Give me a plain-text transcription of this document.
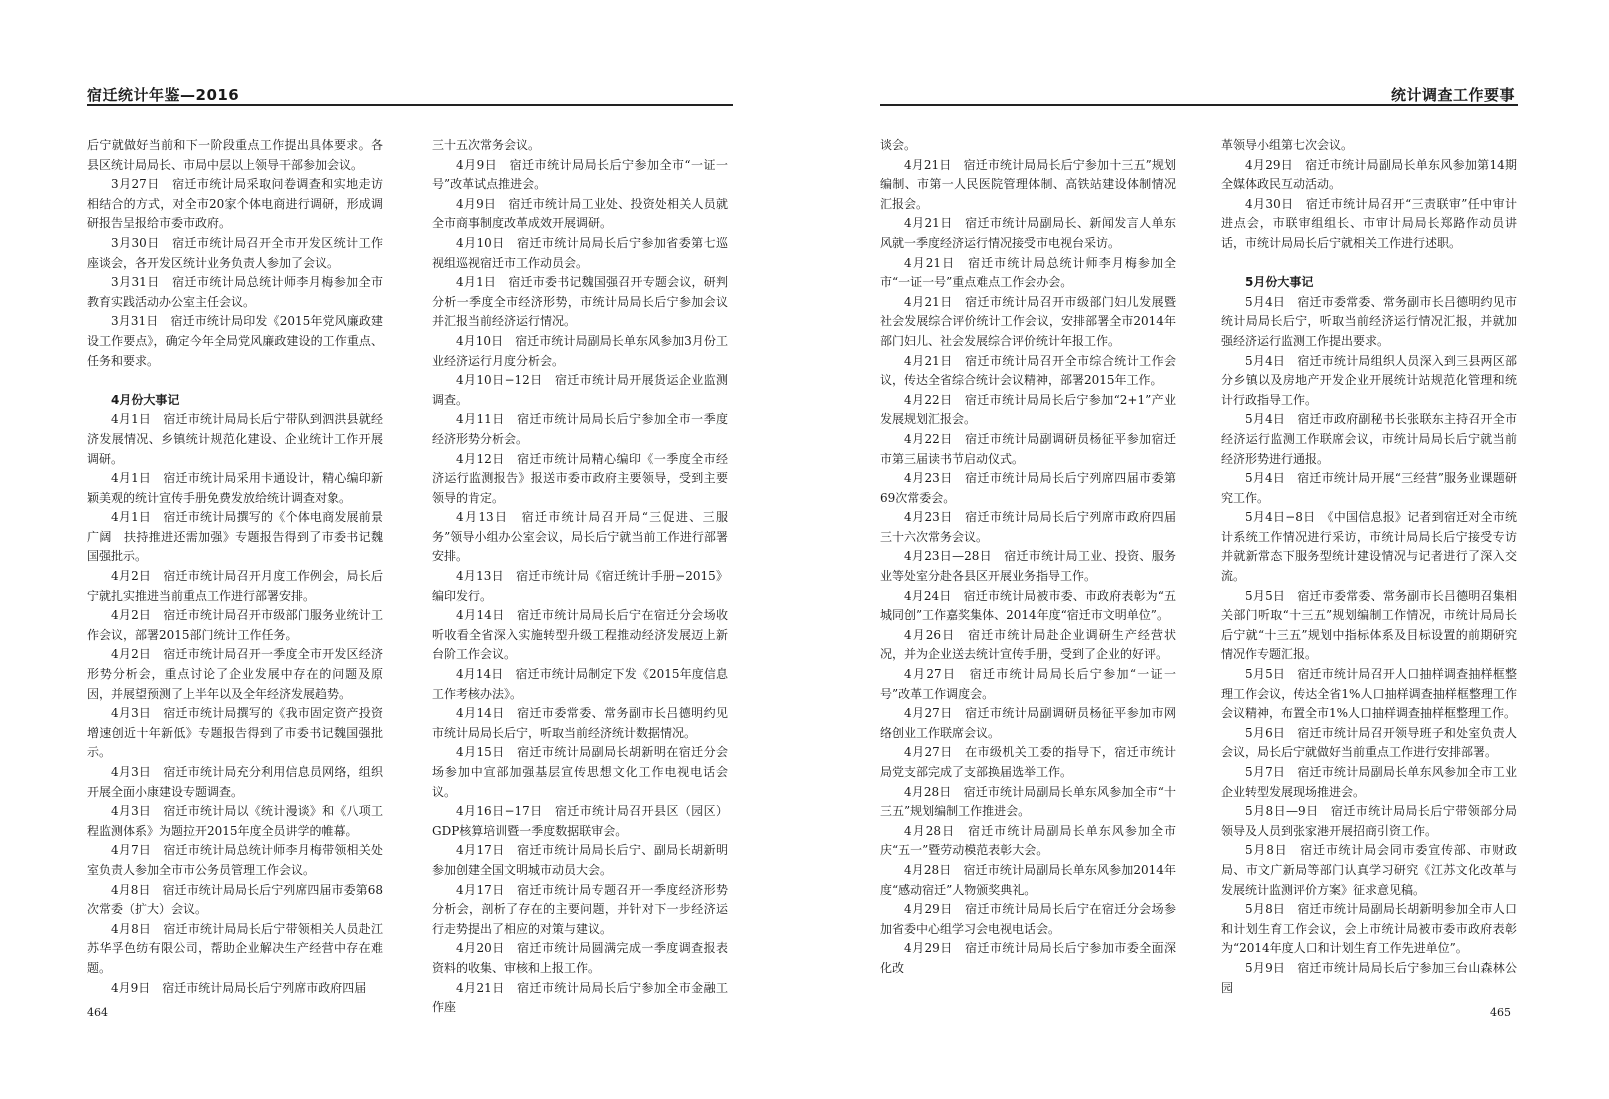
宿迁统计年鉴—2016

后宁就做好当前和下一阶段重点工作提出具体要求。各县区统计局局长、市局中层以上领导干部参加会议。

3月27日　宿迁市统计局采取问卷调查和实地走访相结合的方式，对全市20家个体电商进行调研，形成调研报告呈报给市委市政府。

3月30日　宿迁市统计局召开全市开发区统计工作座谈会，各开发区统计业务负责人参加了会议。

3月31日　宿迁市统计局总统计师李月梅参加全市教育实践活动办公室主任会议。

3月31日　宿迁市统计局印发《2015年党风廉政建设工作要点》，确定今年全局党风廉政建设的工作重点、任务和要求。

4月份大事记

4月1日　宿迁市统计局局长后宁带队到泗洪县就经济发展情况、乡镇统计规范化建设、企业统计工作开展调研。

4月1日　宿迁市统计局采用卡通设计，精心编印新颖美观的统计宣传手册免费发放给统计调查对象。

4月1日　宿迁市统计局撰写的《个体电商发展前景广阔　扶持推进还需加强》专题报告得到了市委书记魏国强批示。

4月2日　宿迁市统计局召开月度工作例会，局长后宁就扎实推进当前重点工作进行部署安排。

4月2日　宿迁市统计局召开市级部门服务业统计工作会议，部署2015部门统计工作任务。

4月2日　宿迁市统计局召开一季度全市开发区经济形势分析会，重点讨论了企业发展中存在的问题及原因，并展望预测了上半年以及全年经济发展趋势。

4月3日　宿迁市统计局撰写的《我市固定资产投资增速创近十年新低》专题报告得到了市委书记魏国强批示。

4月3日　宿迁市统计局充分利用信息员网络，组织开展全面小康建设专题调查。

4月3日　宿迁市统计局以《统计漫谈》和《八项工程监测体系》为题拉开2015年度全员讲学的帷幕。

4月7日　宿迁市统计局总统计师李月梅带领相关处室负责人参加全市市公务员管理工作会议。

4月8日　宿迁市统计局局长后宁列席四届市委第68次常委（扩大）会议。

4月8日　宿迁市统计局局长后宁带领相关人员赴江苏华孚色纺有限公司，帮助企业解决生产经营中存在难题。

4月9日　宿迁市统计局局长后宁列席市政府四届

三十五次常务会议。

4月9日　宿迁市统计局局长后宁参加全市“一证一号”改革试点推进会。

4月9日　宿迁市统计局工业处、投资处相关人员就全市商事制度改革成效开展调研。

4月10日　宿迁市统计局局长后宁参加省委第七巡视组巡视宿迁市工作动员会。

4月1日　宿迁市委书记魏国强召开专题会议，研判分析一季度全市经济形势，市统计局局长后宁参加会议并汇报当前经济运行情况。

4月10日　宿迁市统计局副局长单东风参加3月份工业经济运行月度分析会。

4月10日−12日　宿迁市统计局开展货运企业监测调查。

4月11日　宿迁市统计局局长后宁参加全市一季度经济形势分析会。

4月12日　宿迁市统计局精心编印《一季度全市经济运行监测报告》报送市委市政府主要领导，受到主要领导的肯定。

4月13日　宿迁市统计局召开局“三促进、三服务”领导小组办公室会议，局长后宁就当前工作进行部署安排。

4月13日　宿迁市统计局《宿迁统计手册−2015》编印发行。

4月14日　宿迁市统计局局长后宁在宿迁分会场收听收看全省深入实施转型升级工程推动经济发展迈上新台阶工作会议。

4月14日　宿迁市统计局制定下发《2015年度信息工作考核办法》。

4月14日　宿迁市委常委、常务副市长吕德明约见市统计局局长后宁，听取当前经济统计数据情况。

4月15日　宿迁市统计局副局长胡新明在宿迁分会场参加中宣部加强基层宣传思想文化工作电视电话会议。

4月16日−17日　宿迁市统计局召开县区（园区）GDP核算培训暨一季度数据联审会。

4月17日　宿迁市统计局局长后宁、副局长胡新明参加创建全国文明城市动员大会。

4月17日　宿迁市统计局专题召开一季度经济形势分析会，剖析了存在的主要问题，并针对下一步经济运行走势提出了相应的对策与建议。

4月20日　宿迁市统计局圆满完成一季度调查报表资料的收集、审核和上报工作。

4月21日　宿迁市统计局局长后宁参加全市金融工作座

464
统计调查工作要事

谈会。

4月21日　宿迁市统计局局长后宁参加十三五”规划编制、市第一人民医院管理体制、高铁站建设体制情况汇报会。

4月21日　宿迁市统计局副局长、新闻发言人单东风就一季度经济运行情况接受市电视台采访。

4月21日　宿迁市统计局总统计师李月梅参加全市“一证一号”重点难点工作会办会。

4月21日　宿迁市统计局召开市级部门妇儿发展暨社会发展综合评价统计工作会议，安排部署全市2014年部门妇儿、社会发展综合评价统计年报工作。

4月21日　宿迁市统计局召开全市综合统计工作会议，传达全省综合统计会议精神，部署2015年工作。

4月22日　宿迁市统计局局长后宁参加“2+1”产业发展规划汇报会。

4月22日　宿迁市统计局副调研员杨征平参加宿迁市第三届读书节启动仪式。

4月23日　宿迁市统计局局长后宁列席四届市委第69次常委会。

4月23日　宿迁市统计局局长后宁列席市政府四届三十六次常务会议。

4月23日—28日　宿迁市统计局工业、投资、服务业等处室分赴各县区开展业务指导工作。

4月24日　宿迁市统计局被市委、市政府表彰为“五城同创”工作嘉奖集体、2014年度“宿迁市文明单位”。

4月26日　宿迁市统计局赴企业调研生产经营状况，并为企业送去统计宣传手册，受到了企业的好评。

4月27日　宿迁市统计局局长后宁参加“一证一号”改革工作调度会。

4月27日　宿迁市统计局副调研员杨征平参加市网络创业工作联席会议。

4月27日　在市级机关工委的指导下，宿迁市统计局党支部完成了支部换届选举工作。

4月28日　宿迁市统计局副局长单东风参加全市“十三五”规划编制工作推进会。

4月28日　宿迁市统计局副局长单东风参加全市庆“五一”暨劳动模范表彰大会。

4月28日　宿迁市统计局副局长单东风参加2014年度“感动宿迁”人物颁奖典礼。

4月29日　宿迁市统计局局长后宁在宿迁分会场参加省委中心组学习会电视电话会。

4月29日　宿迁市统计局局长后宁参加市委全面深化改

革领导小组第七次会议。

4月29日　宿迁市统计局副局长单东风参加第14期全媒体政民互动活动。

4月30日　宿迁市统计局召开“三责联审”任中审计进点会，市联审组组长、市审计局局长郑路作动员讲话，市统计局局长后宁就相关工作进行述职。

5月份大事记

5月4日　宿迁市委常委、常务副市长吕德明约见市统计局局长后宁，听取当前经济运行情况汇报，并就加强经济运行监测工作提出要求。

5月4日　宿迁市统计局组织人员深入到三县两区部分乡镇以及房地产开发企业开展统计站规范化管理和统计行政指导工作。

5月4日　宿迁市政府副秘书长张联东主持召开全市经济运行监测工作联席会议，市统计局局长后宁就当前经济形势进行通报。

5月4日　宿迁市统计局开展“三经营”服务业课题研究工作。

5月4日−8日　《中国信息报》记者到宿迁对全市统计系统工作情况进行采访，市统计局局长后宁接受专访并就新常态下服务型统计建设情况与记者进行了深入交流。

5月5日　宿迁市委常委、常务副市长吕德明召集相关部门听取“十三五”规划编制工作情况，市统计局局长后宁就“十三五”规划中指标体系及目标设置的前期研究情况作专题汇报。

5月5日　宿迁市统计局召开人口抽样调查抽样框整理工作会议，传达全省1%人口抽样调查抽样框整理工作会议精神，布置全市1%人口抽样调查抽样框整理工作。

5月6日　宿迁市统计局召开领导班子和处室负责人会议，局长后宁就做好当前重点工作进行安排部署。

5月7日　宿迁市统计局副局长单东风参加全市工业企业转型发展现场推进会。

5月8日—9日　宿迁市统计局局长后宁带领部分局领导及人员到张家港开展招商引资工作。

5月8日　宿迁市统计局会同市委宣传部、市财政局、市文广新局等部门认真学习研究《江苏文化改革与发展统计监测评价方案》征求意见稿。

5月8日　宿迁市统计局副局长胡新明参加全市人口和计划生育工作会议，会上市统计局被市委市政府表彰为“2014年度人口和计划生育工作先进单位”。

5月9日　宿迁市统计局局长后宁参加三台山森林公园

465
